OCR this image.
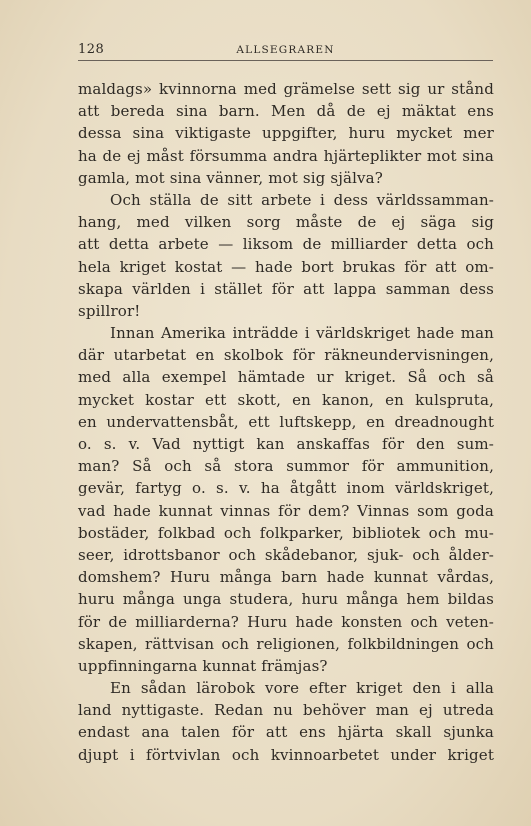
128	ALLSEGRAREN
maldags» kvinnorna med grämelse sett sig ur stånd
att bereda sina barn. Men då de ej mäktat ens
dessa sina viktigaste uppgifter, huru mycket mer
ha de ej måst försumma andra hjärteplikter mot sina
gamla, mot sina vänner, mot sig själva?
Och ställa de sitt arbete i dess världssamman-
hang, med vilken sorg måste de ej säga sig
att detta arbete — liksom de milliarder detta och
hela kriget kostat — hade bort brukas för att om-
skapa världen i stället för att lappa samman dess
spillror!
Innan Amerika inträdde i världskriget hade man
där utarbetat en skolbok för räkneundervisningen,
med alla exempel hämtade ur kriget. Så och så
mycket kostar ett skott, en kanon, en kulspruta,
en undervattensbåt, ett luftskepp, en dreadnought
o. s. v. Vad nyttigt kan anskaffas för den sum-
man? Så och så stora summor för ammunition,
gevär, fartyg o. s. v. ha åtgått inom världskriget,
vad hade kunnat vinnas för dem? Vinnas som goda
bostäder, folkbad och folkparker, bibliotek och mu-
seer, idrottsbanor och skådebanor, sjuk- och ålder-
domshem? Huru många barn hade kunnat vårdas,
huru många unga studera, huru många hem bildas
för de milliarderna? Huru hade konsten och veten-
skapen, rättvisan och religionen, folkbildningen och
uppfinningarna kunnat främjas?
En sådan lärobok vore efter kriget den i alla
land nyttigaste. Redan nu behöver man ej utreda
endast ana talen för att ens hjärta skall sjunka
djupt i förtvivlan och kvinnoarbetet under kriget
